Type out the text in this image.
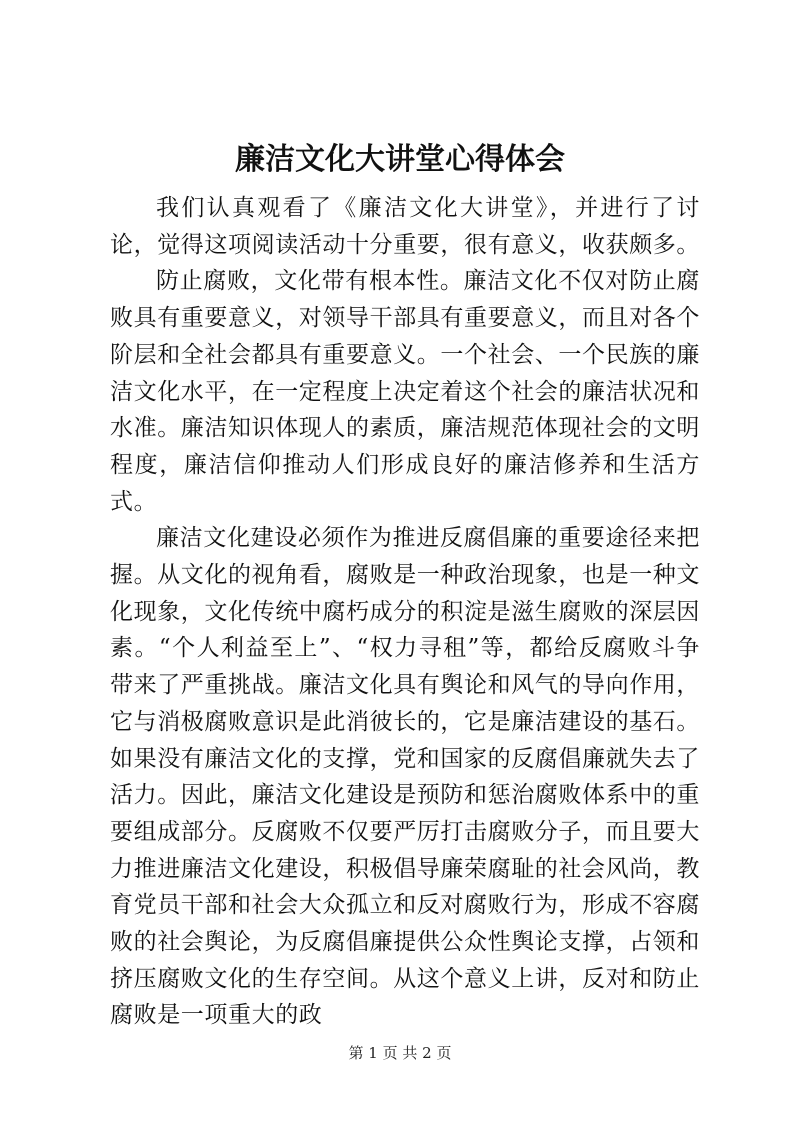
廉洁文化大讲堂心得体会

我们认真观看了《廉洁文化大讲堂》，并进行了讨论，觉得这项阅读活动十分重要，很有意义，收获颇多。

防止腐败，文化带有根本性。廉洁文化不仅对防止腐败具有重要意义，对领导干部具有重要意义，而且对各个阶层和全社会都具有重要意义。一个社会、一个民族的廉洁文化水平，在一定程度上决定着这个社会的廉洁状况和水准。廉洁知识体现人的素质，廉洁规范体现社会的文明程度，廉洁信仰推动人们形成良好的廉洁修养和生活方式。

廉洁文化建设必须作为推进反腐倡廉的重要途径来把握。从文化的视角看，腐败是一种政治现象，也是一种文化现象，文化传统中腐朽成分的积淀是滋生腐败的深层因素。“个人利益至上”、“权力寻租”等，都给反腐败斗争带来了严重挑战。廉洁文化具有舆论和风气的导向作用，它与消极腐败意识是此消彼长的，它是廉洁建设的基石。如果没有廉洁文化的支撑，党和国家的反腐倡廉就失去了活力。因此，廉洁文化建设是预防和惩治腐败体系中的重要组成部分。反腐败不仅要严厉打击腐败分子，而且要大力推进廉洁文化建设，积极倡导廉荣腐耻的社会风尚，教育党员干部和社会大众孤立和反对腐败行为，形成不容腐败的社会舆论，为反腐倡廉提供公众性舆论支撑，占领和挤压腐败文化的生存空间。从这个意义上讲，反对和防止腐败是一项重大的政

第 1 页 共 2 页
